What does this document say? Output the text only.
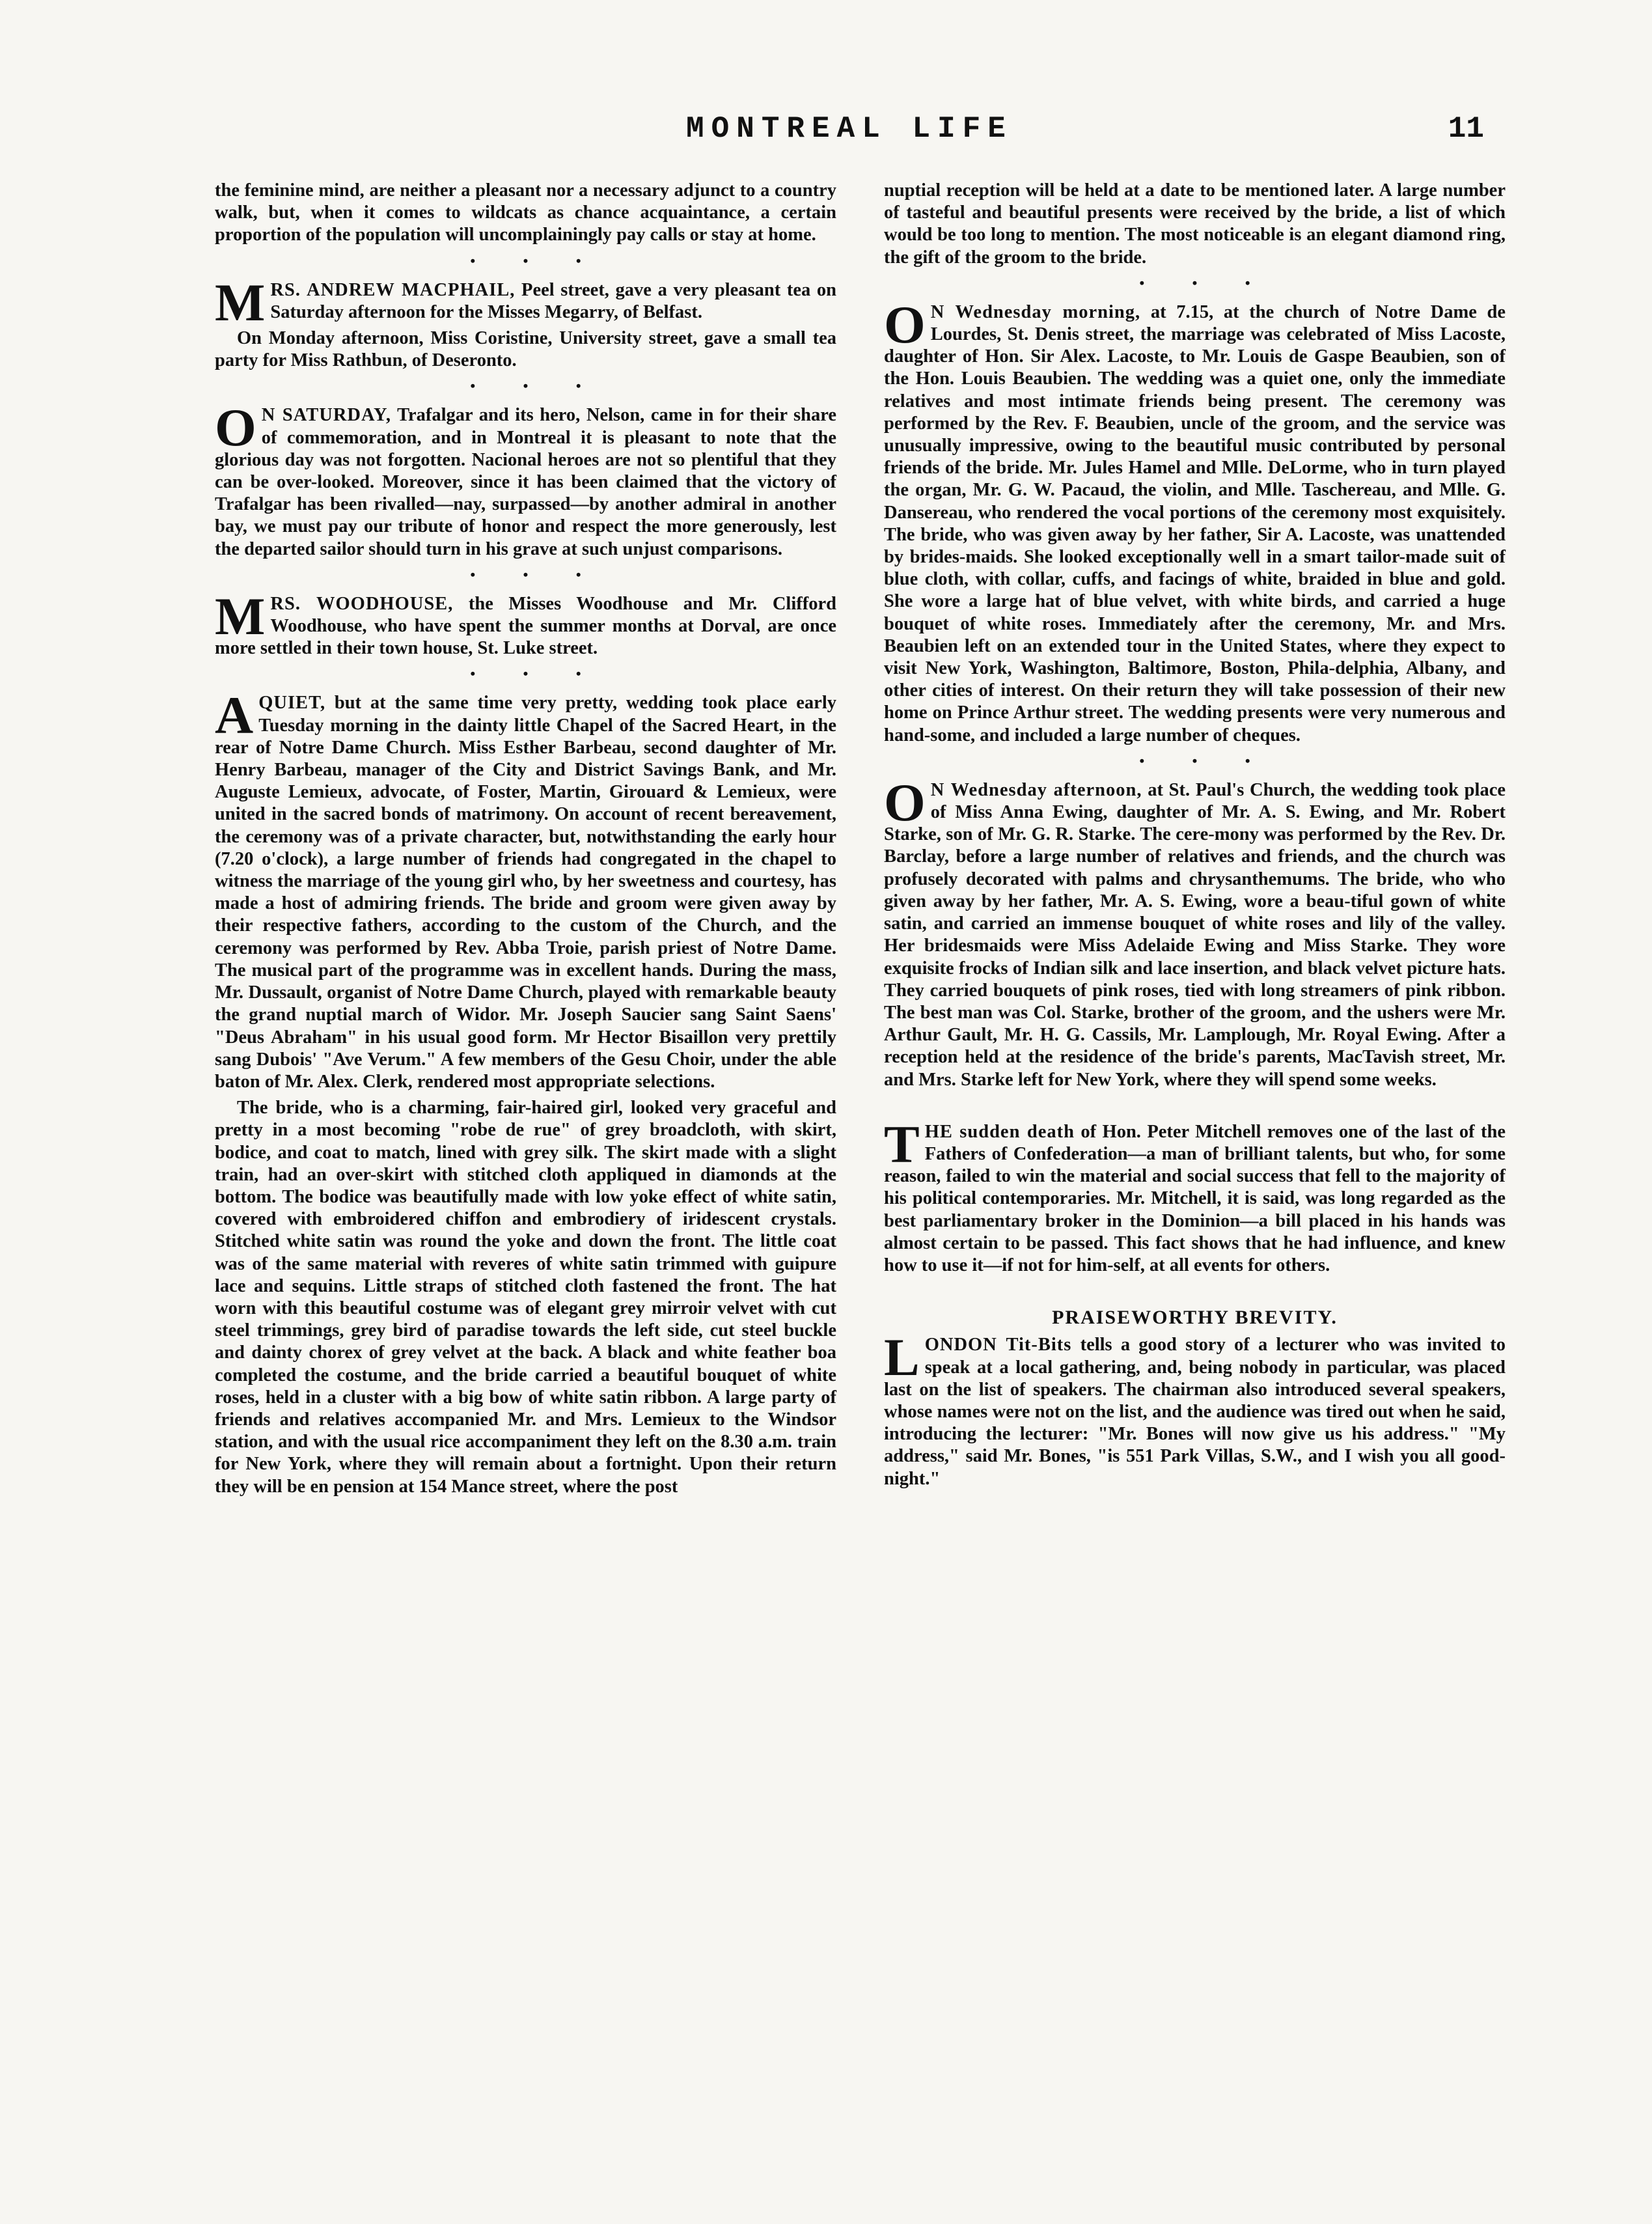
MONTREAL LIFE	11

the feminine mind, are neither a pleasant nor a necessary adjunct to a country walk, but, when it comes to wildcats as chance acquaintance, a certain proportion of the population will uncomplainingly pay calls or stay at home.

• • •

MRS. ANDREW MACPHAIL, Peel street, gave a very pleasant tea on Saturday afternoon for the Misses Megarry, of Belfast.

On Monday afternoon, Miss Coristine, University street, gave a small tea party for Miss Rathbun, of Deseronto.

• • •

O N SATURDAY, Trafalgar and its hero, Nelson, came in for their share of commemoration, and in Montreal it is pleasant to note that the glorious day was not forgotten. Nacional heroes are not so plentiful that they can be over-looked. Moreover, since it has been claimed that the victory of Trafalgar has been rivalled—nay, surpassed—by another admiral in another bay, we must pay our tribute of honor and respect the more generously, lest the departed sailor should turn in his grave at such unjust comparisons.

• • •

MRS. WOODHOUSE, the Misses Woodhouse and Mr. Clifford Woodhouse, who have spent the summer months at Dorval, are once more settled in their town house, St. Luke street.

• • •

A QUIET, but at the same time very pretty, wedding took place early Tuesday morning in the dainty little Chapel of the Sacred Heart, in the rear of Notre Dame Church. Miss Esther Barbeau, second daughter of Mr. Henry Barbeau, manager of the City and District Savings Bank, and Mr. Auguste Lemieux, advocate, of Foster, Martin, Girouard & Lemieux, were united in the sacred bonds of matrimony. On account of recent bereavement, the ceremony was of a private character, but, notwithstanding the early hour (7.20 o'clock), a large number of friends had congregated in the chapel to witness the marriage of the young girl who, by her sweetness and courtesy, has made a host of admiring friends. The bride and groom were given away by their respective fathers, according to the custom of the Church, and the ceremony was performed by Rev. Abba Troie, parish priest of Notre Dame. The musical part of the programme was in excellent hands. During the mass, Mr. Dussault, organist of Notre Dame Church, played with remarkable beauty the grand nuptial march of Widor. Mr. Joseph Saucier sang Saint Saens' "Deus Abraham" in his usual good form. Mr Hector Bisaillon very prettily sang Dubois' "Ave Verum." A few members of the Gesu Choir, under the able baton of Mr. Alex. Clerk, rendered most appropriate selections.

The bride, who is a charming, fair-haired girl, looked very graceful and pretty in a most becoming "robe de rue" of grey broadcloth, with skirt, bodice, and coat to match, lined with grey silk. The skirt made with a slight train, had an over-skirt with stitched cloth appliqued in diamonds at the bottom. The bodice was beautifully made with low yoke effect of white satin, covered with embroidered chiffon and embrodiery of iridescent crystals. Stitched white satin was round the yoke and down the front. The little coat was of the same material with reveres of white satin trimmed with guipure lace and sequins. Little straps of stitched cloth fastened the front. The hat worn with this beautiful costume was of elegant grey mirroir velvet with cut steel trimmings, grey bird of paradise towards the left side, cut steel buckle and dainty chorex of grey velvet at the back. A black and white feather boa completed the costume, and the bride carried a beautiful bouquet of white roses, held in a cluster with a big bow of white satin ribbon. A large party of friends and relatives accompanied Mr. and Mrs. Lemieux to the Windsor station, and with the usual rice accompaniment they left on the 8.30 a.m. train for New York, where they will remain about a fortnight. Upon their return they will be en pension at 154 Mance street, where the post

nuptial reception will be held at a date to be mentioned later. A large number of tasteful and beautiful presents were received by the bride, a list of which would be too long to mention. The most noticeable is an elegant diamond ring, the gift of the groom to the bride.

• • •

O N Wednesday morning, at 7.15, at the church of Notre Dame de Lourdes, St. Denis street, the marriage was celebrated of Miss Lacoste, daughter of Hon. Sir Alex. Lacoste, to Mr. Louis de Gaspe Beaubien, son of the Hon. Louis Beaubien. The wedding was a quiet one, only the immediate relatives and most intimate friends being present. The ceremony was performed by the Rev. F. Beaubien, uncle of the groom, and the service was unusually impressive, owing to the beautiful music contributed by personal friends of the bride. Mr. Jules Hamel and Mlle. DeLorme, who in turn played the organ, Mr. G. W. Pacaud, the violin, and Mlle. Taschereau, and Mlle. G. Dansereau, who rendered the vocal portions of the ceremony most exquisitely. The bride, who was given away by her father, Sir A. Lacoste, was unattended by brides-maids. She looked exceptionally well in a smart tailor-made suit of blue cloth, with collar, cuffs, and facings of white, braided in blue and gold. She wore a large hat of blue velvet, with white birds, and carried a huge bouquet of white roses. Immediately after the ceremony, Mr. and Mrs. Beaubien left on an extended tour in the United States, where they expect to visit New York, Washington, Baltimore, Boston, Phila-delphia, Albany, and other cities of interest. On their return they will take possession of their new home on Prince Arthur street. The wedding presents were very numerous and hand-some, and included a large number of cheques.

• • •

O N Wednesday afternoon, at St. Paul's Church, the wedding took place of Miss Anna Ewing, daughter of Mr. A. S. Ewing, and Mr. Robert Starke, son of Mr. G. R. Starke. The cere-mony was performed by the Rev. Dr. Barclay, before a large number of relatives and friends, and the church was profusely decorated with palms and chrysanthemums. The bride, who who given away by her father, Mr. A. S. Ewing, wore a beau-tiful gown of white satin, and carried an immense bouquet of white roses and lily of the valley. Her bridesmaids were Miss Adelaide Ewing and Miss Starke. They wore exquisite frocks of Indian silk and lace insertion, and black velvet picture hats. They carried bouquets of pink roses, tied with long streamers of pink ribbon. The best man was Col. Starke, brother of the groom, and the ushers were Mr. Arthur Gault, Mr. H. G. Cassils, Mr. Lamplough, Mr. Royal Ewing. After a reception held at the residence of the bride's parents, MacTavish street, Mr. and Mrs. Starke left for New York, where they will spend some weeks.

THE sudden death of Hon. Peter Mitchell removes one of the last of the Fathers of Confederation—a man of brilliant talents, but who, for some reason, failed to win the material and social success that fell to the majority of his political contemporaries. Mr. Mitchell, it is said, was long regarded as the best parliamentary broker in the Dominion—a bill placed in his hands was almost certain to be passed. This fact shows that he had influence, and knew how to use it—if not for him-self, at all events for others.

PRAISEWORTHY BREVITY.

LONDON Tit-Bits tells a good story of a lecturer who was invited to speak at a local gathering, and, being nobody in particular, was placed last on the list of speakers. The chairman also introduced several speakers, whose names were not on the list, and the audience was tired out when he said, introducing the lecturer: "Mr. Bones will now give us his address." "My address," said Mr. Bones, "is 551 Park Villas, S.W., and I wish you all good-night."
